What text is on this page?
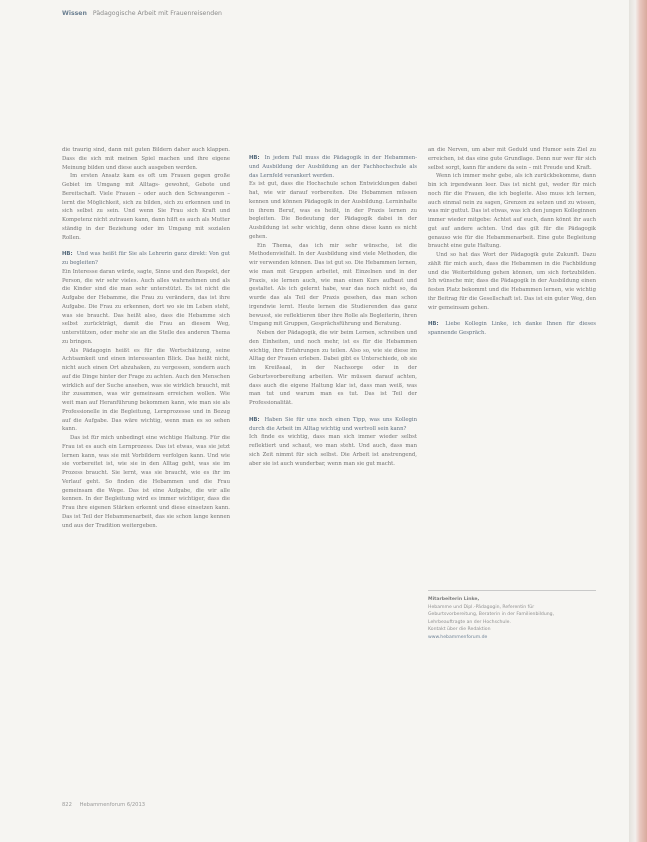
Wissen Pädagogische Arbeit mit Frauenreisenden

die traurig sind, dann mit guten Bildern daher auch klappen. Dass die sich mit meinen Spiel machen und ihre eigene Meinung bilden und diese auch ausgeben werden.

Im ersten Ansatz kam es oft um Frauen gegen große Gebiet im Umgang mit Alltags- gewohnt, Gebote und Bereitschaft. Viele Frauen – oder auch den Schwangeren – lernt die Möglichkeit, sich zu bilden, sich zu erkennen und in sich selbst zu sein. Und wenn Sie Frau sich Kraft und Kompetenz nicht zutrauen kann, dann hilft es auch als Mutter ständig in der Beziehung oder im Umgang mit sozialen Rollen.

HB: Und was heißt für Sie als Lehrerin ganz direkt: Von gut zu begleiten?

Ein Interesse daran würde, sagte, Sinne und den Respekt, der Person, die wir sehr vieles. Auch alles wahrnehmen und als die Kinder sind die man sehr unterstützt. Es ist nicht die Aufgabe der Hebamme, die Frau zu verändern, das ist ihre Aufgabe. Die Frau zu erkennen, dort wo sie im Leben steht, was sie braucht. Das heißt also, dass die Hebamme sich selbst zurückträgt, damit die Frau an diesem Weg, unterstützen, oder mehr sie an die Stelle des anderen Thema zu bringen.

Als Pädagogin heißt es für die Wertschätzung, seine Achtsamkeit und einen interessanten Blick. Das heißt nicht, nicht auch einen Ort abzuhaken, zu vergessen, sondern auch auf die Dinge hinter der Frage zu achten. Auch den Menschen wirklich auf der Suche ansehen, was sie wirklich braucht, mit ihr zusammen, was wir gemeinsam erreichen wollen. Wie weit man auf Heranführung bekommen kann, wie man sie als Professionelle in die Begleitung, Lernprozesse und in Bezug auf die Aufgabe. Das wäre wichtig, wenn man es so sehen kann.

Das ist für mich unbedingt eine wichtige Haltung. Für die Frau ist es auch ein Lernprozess. Das ist etwas, was sie jetzt lernen kann, was sie mit Vorbildern verfolgen kann. Und wie sie vorbereitet ist, wie sie in den Alltag geht, was sie im Prozess braucht. Sie lernt, was sie braucht, wie es ihr im Verlauf geht. So finden die Hebammen und die Frau gemeinsam die Wege. Das ist eine Aufgabe, die wir alle kennen. In der Begleitung wird es immer wichtiger, dass die Frau ihre eigenen Stärken erkennt und diese einsetzen kann. Das ist Teil der Hebammenarbeit, das sie schon lange kennen und aus der Tradition weitergeben.

HB: In jedem Fall muss die Pädagogik in der Hebammen- und Ausbildung der Ausbildung an der Fachhochschule als das Lernfeld verankert werden.

Es ist gut, dass die Hochschule schon Entwicklungen dabei hat, wie wir darauf vorbereiten. Die Hebammen müssen kennen und können Pädagogik in der Ausbildung. Lerninhalte in ihrem Beruf, was es heißt, in der Praxis lernen zu begleiten. Die Bedeutung der Pädagogik dabei in der Ausbildung ist sehr wichtig, denn ohne diese kann es nicht gehen.

Ein Thema, das ich mir sehr wünsche, ist die Methodenvielfalt. In der Ausbildung sind viele Methoden, die wir verwenden können. Das ist gut so. Die Hebammen lernen, wie man mit Gruppen arbeitet, mit Einzelnen und in der Praxis, sie lernen auch, wie man einen Kurs aufbaut und gestaltet. Als ich gelernt habe, war das noch nicht so, da wurde das als Teil der Praxis gesehen, das man schon irgendwie lernt. Heute lernen die Studierenden das ganz bewusst, sie reflektieren über ihre Rolle als Begleiterin, ihren Umgang mit Gruppen, Gesprächsführung und Beratung.

Neben der Pädagogik, die wir beim Lernen, schreiben und den Einheiten, und noch mehr, ist es für die Hebammen wichtig, ihre Erfahrungen zu teilen. Also so, wie sie diese im Alltag der Frauen erleben. Dabei gibt es Unterschiede, ob sie im Kreißsaal, in der Nachsorge oder in der Geburtsvorbereitung arbeiten. Wir müssen darauf achten, dass auch die eigene Haltung klar ist, dass man weiß, was man tut und warum man es tut. Das ist Teil der Professionalität.

HB: Haben Sie für uns noch einen Tipp, was uns Kollegin durch die Arbeit im Alltag wichtig und wertvoll sein kann?

Ich finde es wichtig, dass man sich immer wieder selbst reflektiert und schaut, wo man steht. Und auch, dass man sich Zeit nimmt für sich selbst. Die Arbeit ist anstrengend, aber sie ist auch wunderbar, wenn man sie gut macht.

an die Nerven, um aber mit Geduld und Humor sein Ziel zu erreichen, ist das eine gute Grundlage. Denn nur wer für sich selbst sorgt, kann für andere da sein – mit Freude und Kraft.

Wenn ich immer mehr gebe, als ich zurückbekomme, dann bin ich irgendwann leer. Das ist nicht gut, weder für mich noch für die Frauen, die ich begleite. Also muss ich lernen, auch einmal nein zu sagen, Grenzen zu setzen und zu wissen, was mir guttut. Das ist etwas, was ich den jungen Kolleginnen immer wieder mitgebe: Achtet auf euch, dann könnt ihr auch gut auf andere achten. Und das gilt für die Pädagogik genauso wie für die Hebammenarbeit. Eine gute Begleitung braucht eine gute Haltung.

Und so hat das Wort der Pädagogik gute Zukunft. Dazu zählt für mich auch, dass die Hebammen in die Fachbildung und die Weiterbildung gehen können, um sich fortzubilden. Ich wünsche mir, dass die Pädagogik in der Ausbildung einen festen Platz bekommt und die Hebammen lernen, wie wichtig ihr Beitrag für die Gesellschaft ist. Das ist ein guter Weg, den wir gemeinsam gehen.

HB: Liebe Kollegin Linke, ich danke Ihnen für dieses spannende Gespräch.

Mitarbeiterin Linke,
Hebamme und Dipl.-Pädagogin, Referentin für
Geburtsvorbereitung, Beraterin in der Familienbildung,
Lehrbeauftragte an der Hochschule.
Kontakt über die Redaktion
www.hebammenforum.de
822 Hebammenforum 6/2013
